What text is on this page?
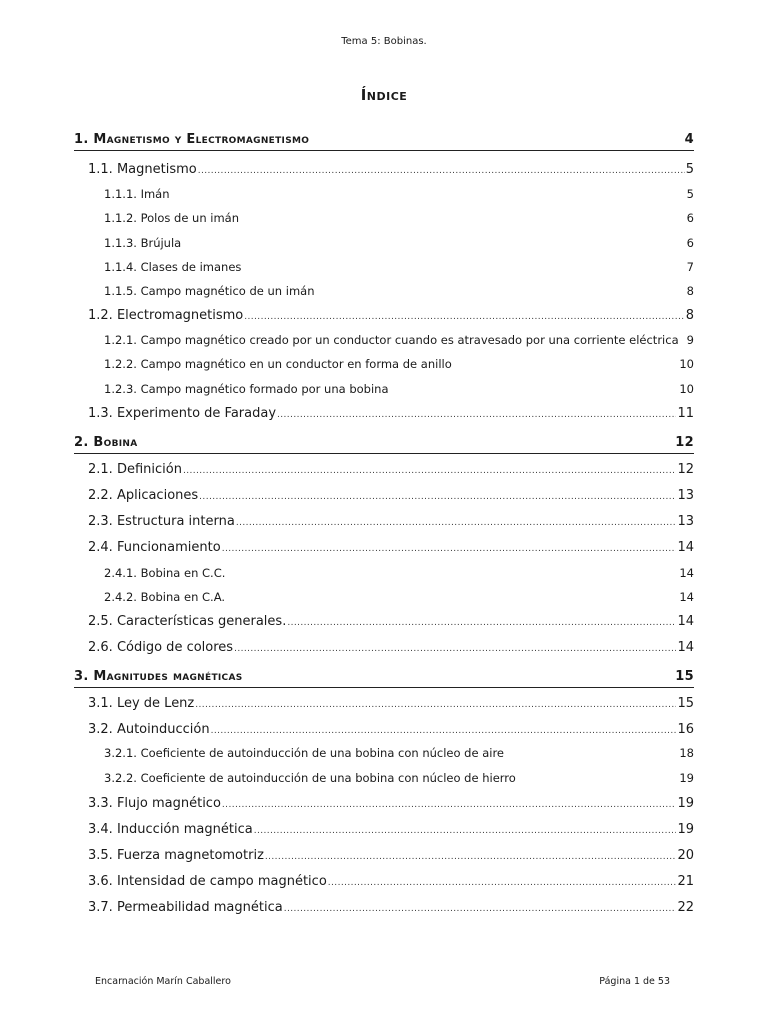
Tema 5: Bobinas.
Índice
1. Magnetismo y Electromagnetismo	4
1.1. Magnetismo .....	5
1.1.1. Imán	5
1.1.2. Polos de un imán	6
1.1.3. Brújula	6
1.1.4. Clases de imanes	7
1.1.5. Campo magnético de un imán	8
1.2. Electromagnetismo .....	8
1.2.1. Campo magnético creado por un conductor cuando es atravesado por una corriente eléctrica 9
1.2.2. Campo magnético en un conductor en forma de anillo	10
1.2.3. Campo magnético formado por una bobina	10
1.3. Experimento de Faraday .....	11
2. Bobina	12
2.1. Definición .....	12
2.2. Aplicaciones .....	13
2.3. Estructura interna .....	13
2.4. Funcionamiento .....	14
2.4.1. Bobina en C.C.	14
2.4.2. Bobina en C.A.	14
2.5. Características generales. .....	14
2.6. Código de colores .....	14
3. Magnitudes magnéticas	15
3.1. Ley de Lenz .....	15
3.2. Autoinducción .....	16
3.2.1. Coeficiente de autoinducción de una bobina con núcleo de aire	18
3.2.2. Coeficiente de autoinducción de una bobina con núcleo de hierro	19
3.3. Flujo magnético .....	19
3.4. Inducción magnética .....	19
3.5. Fuerza magnetomotriz .....	20
3.6. Intensidad de campo magnético .....	21
3.7. Permeabilidad magnética .....	22
Encarnación Marín Caballero	Página 1 de 53
